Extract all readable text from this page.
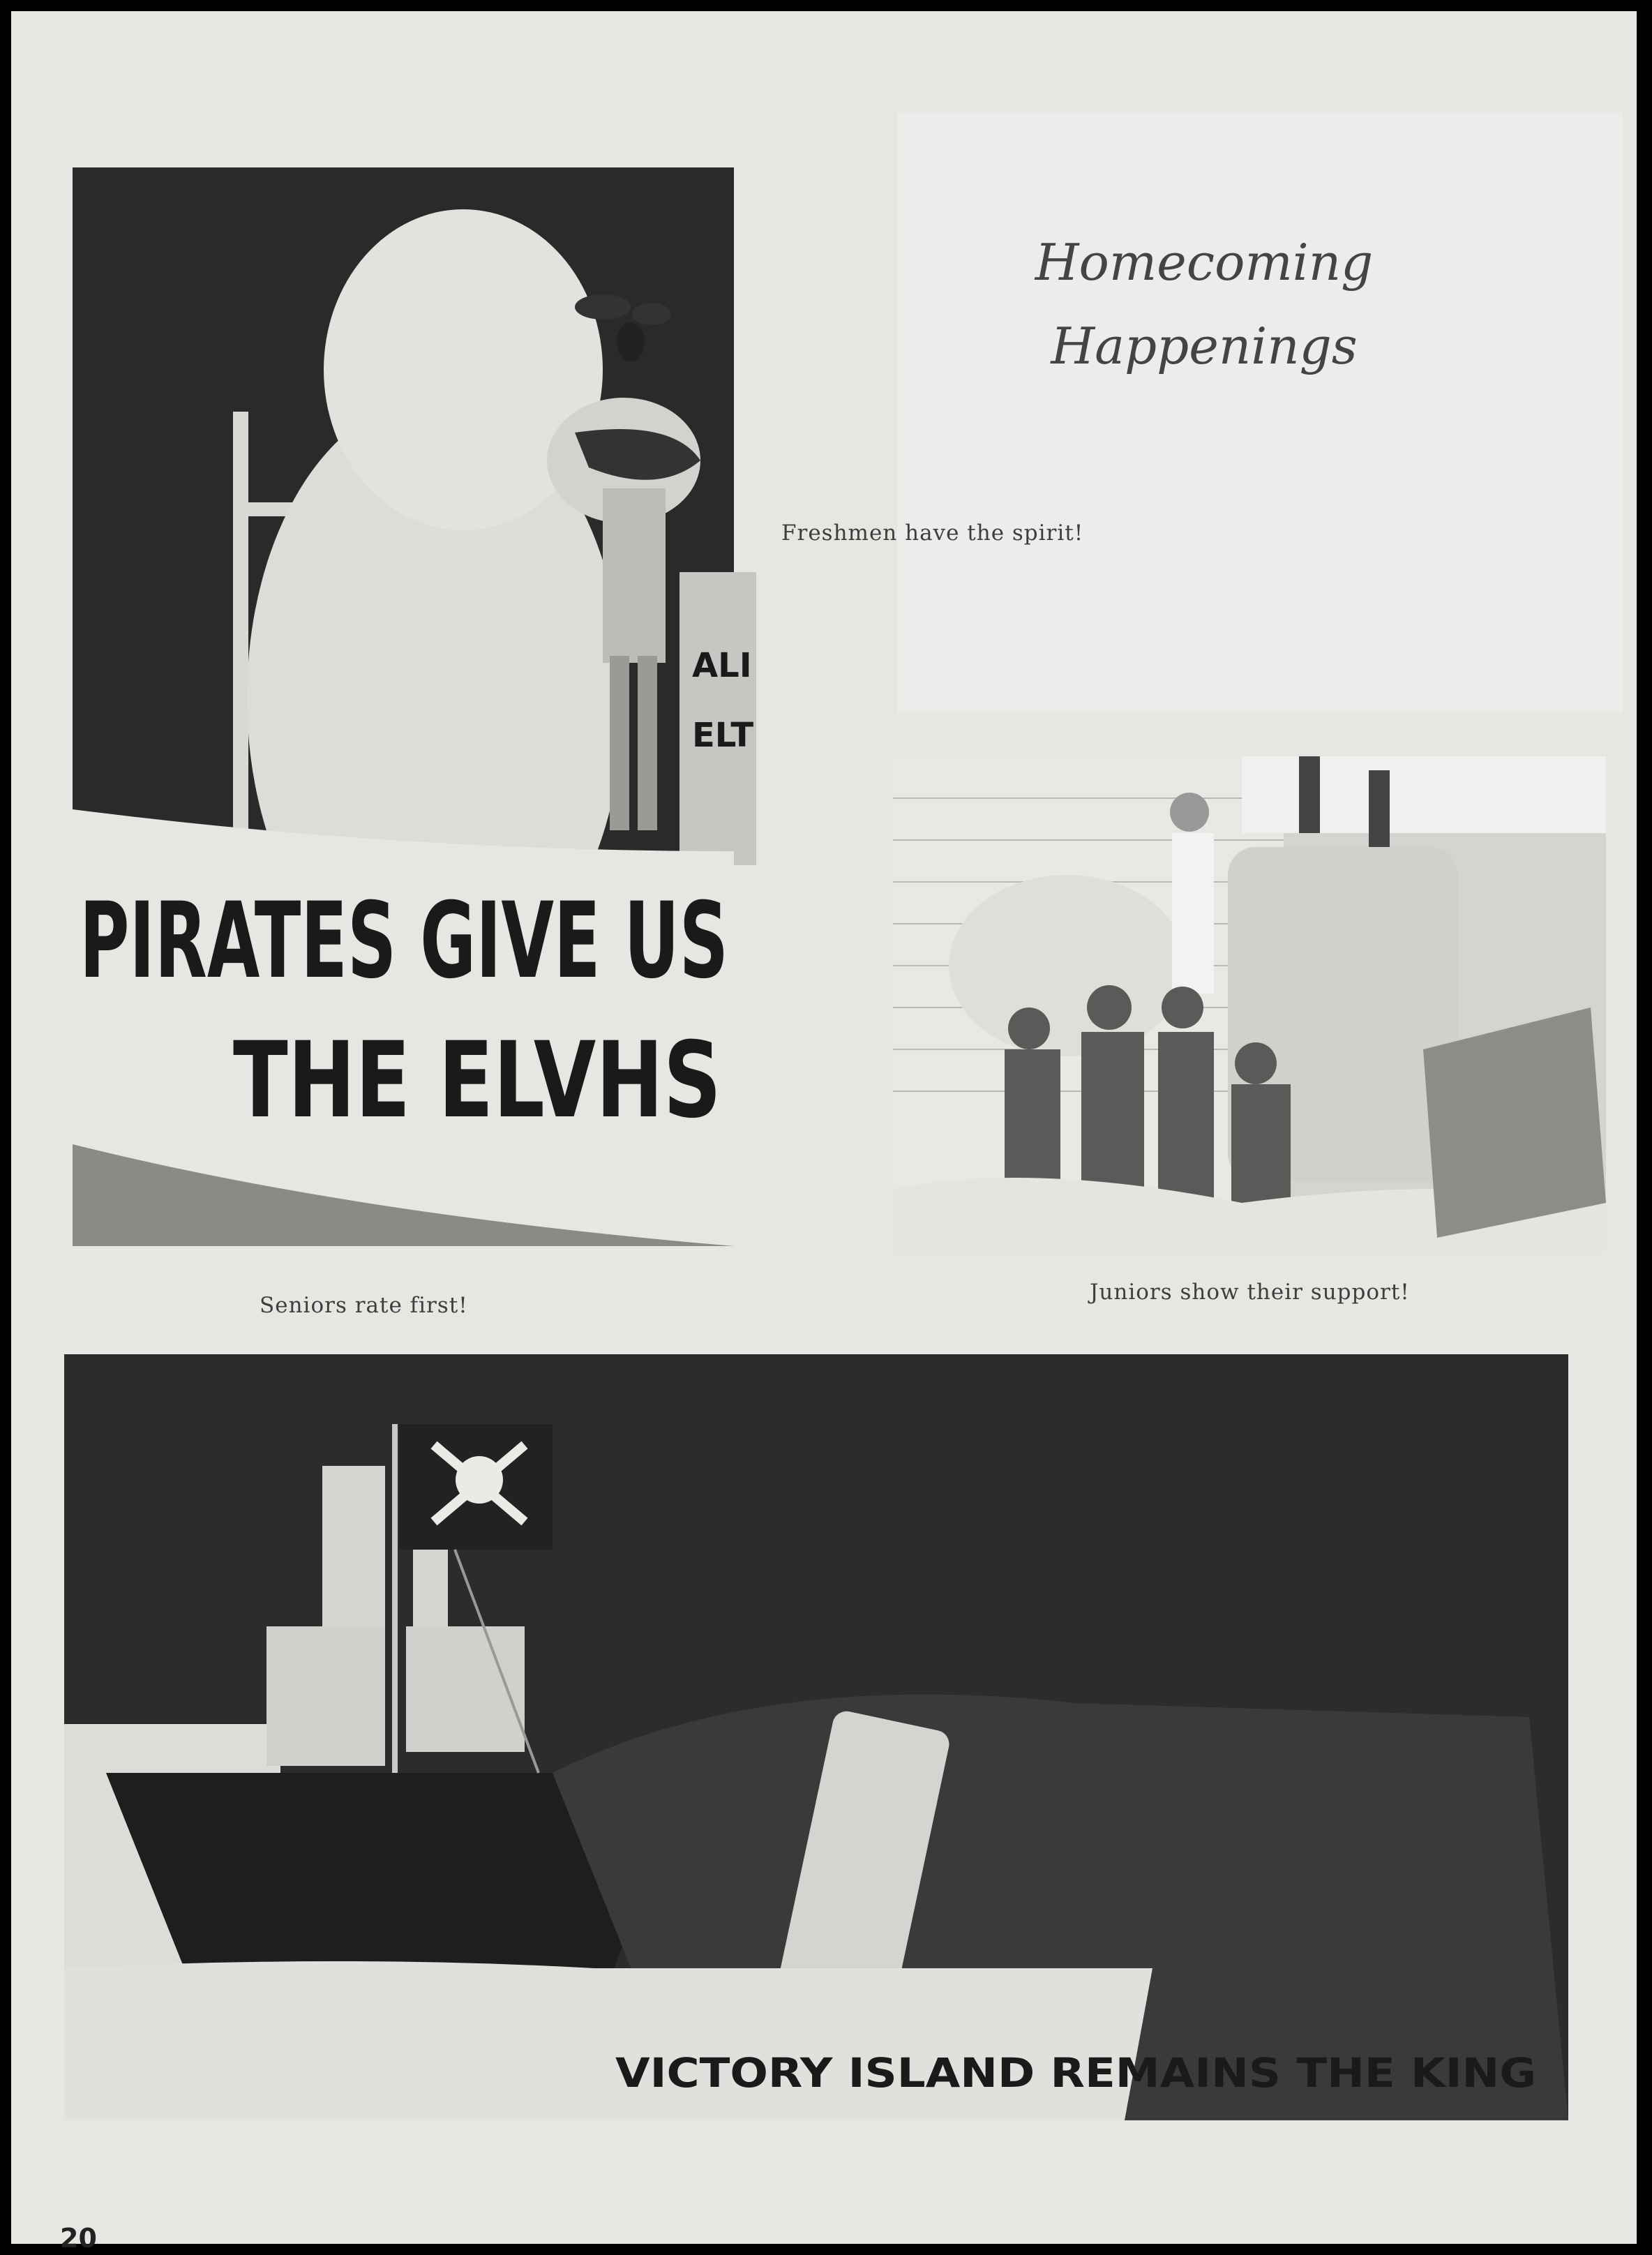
Homecoming
Happenings
ALI
ELT
PIRATES GIVE US
THE ELVHS
Freshmen have the spirit!
Seniors rate first!
Juniors show their support!
VICTORY ISLAND REMAINS THE KING
20
